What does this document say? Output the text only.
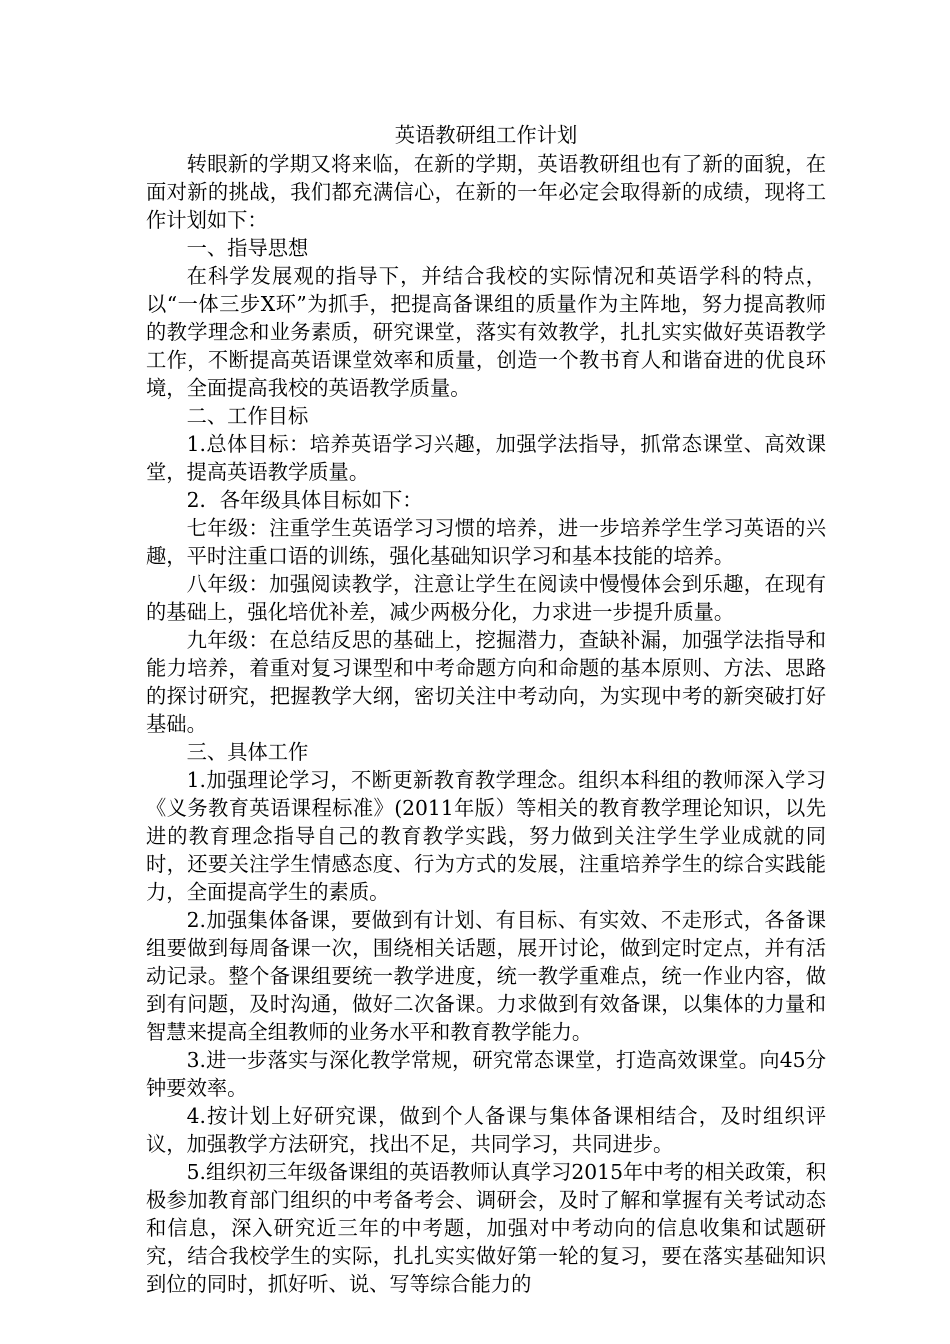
英语教研组工作计划

转眼新的学期又将来临，在新的学期，英语教研组也有了新的面貌，在面对新的挑战，我们都充满信心，在新的一年必定会取得新的成绩，现将工作计划如下：

一、指导思想

在科学发展观的指导下，并结合我校的实际情况和英语学科的特点，以“一体三步X环”为抓手，把提高备课组的质量作为主阵地，努力提高教师的教学理念和业务素质，研究课堂，落实有效教学，扎扎实实做好英语教学工作，不断提高英语课堂效率和质量，创造一个教书育人和谐奋进的优良环境，全面提高我校的英语教学质量。

二、工作目标

1.总体目标：培养英语学习兴趣，加强学法指导，抓常态课堂、高效课堂，提高英语教学质量。

2．各年级具体目标如下：

七年级：注重学生英语学习习惯的培养，进一步培养学生学习英语的兴趣，平时注重口语的训练，强化基础知识学习和基本技能的培养。

八年级：加强阅读教学，注意让学生在阅读中慢慢体会到乐趣，在现有的基础上，强化培优补差，减少两极分化，力求进一步提升质量。

九年级：在总结反思的基础上，挖掘潜力，查缺补漏，加强学法指导和能力培养，着重对复习课型和中考命题方向和命题的基本原则、方法、思路的探讨研究，把握教学大纲，密切关注中考动向，为实现中考的新突破打好基础。

三、具体工作

1.加强理论学习，不断更新教育教学理念。组织本科组的教师深入学习《义务教育英语课程标准》(2011年版）等相关的教育教学理论知识，以先进的教育理念指导自己的教育教学实践，努力做到关注学生学业成就的同时，还要关注学生情感态度、行为方式的发展，注重培养学生的综合实践能力，全面提高学生的素质。

2.加强集体备课，要做到有计划、有目标、有实效、不走形式，各备课组要做到每周备课一次，围绕相关话题，展开讨论，做到定时定点，并有活动记录。整个备课组要统一教学进度，统一教学重难点，统一作业内容，做到有问题，及时沟通，做好二次备课。力求做到有效备课，以集体的力量和智慧来提高全组教师的业务水平和教育教学能力。

3.进一步落实与深化教学常规，研究常态课堂，打造高效课堂。向45分钟要效率。

4.按计划上好研究课，做到个人备课与集体备课相结合，及时组织评议，加强教学方法研究，找出不足，共同学习，共同进步。

5.组织初三年级备课组的英语教师认真学习2015年中考的相关政策，积极参加教育部门组织的中考备考会、调研会，及时了解和掌握有关考试动态和信息，深入研究近三年的中考题，加强对中考动向的信息收集和试题研究，结合我校学生的实际，扎扎实实做好第一轮的复习，要在落实基础知识到位的同时，抓好听、说、写等综合能力的
